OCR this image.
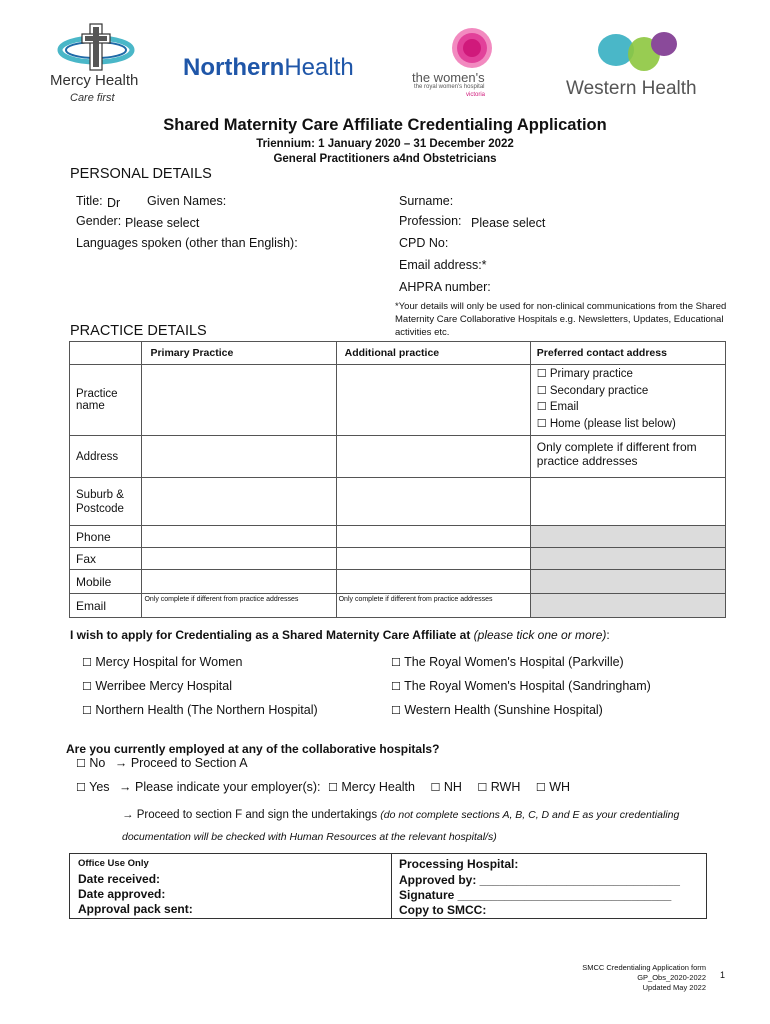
Mercy Health
Care first
NorthernHealth	the women's
the royal women's hospital
victoria	Western Health
Shared Maternity Care Affiliate Credentialing Application
Triennium: 1 January 2020 – 31 December 2022
General Practitioners a4nd Obstetricians
PERSONAL DETAILS
Title: Dr Given Names:	Surname:
Gender: Please select	Profession: Please select
Languages spoken (other than English):	CPD No:
Email address:*
AHPRA number:
*Your details will only be used for non-clinical communications from the Shared Maternity Care Collaborative Hospitals e.g. Newsletters, Updates, Educational activities etc.
PRACTICE DETAILS
	Primary Practice	Additional practice	Preferred contact address

Practice name			☐ Primary practice
☐ Secondary practice
☐ Email
☐ Home (please list below)

Address			Only complete if different from practice addresses

Suburb & Postcode			

Phone			
Fax			
Mobile			
Email	Only complete if different from practice addresses	Only complete if different from practice addresses	
I wish to apply for Credentialing as a Shared Maternity Care Affiliate at (please tick one or more):
☐ Mercy Hospital for Women
☐ Werribee Mercy Hospital
☐ Northern Health (The Northern Hospital)
☐ The Royal Women's Hospital (Parkville)
☐ The Royal Women's Hospital (Sandringham)
☐ Western Health (Sunshine Hospital)
Are you currently employed at any of the collaborative hospitals?
☐ No → Proceed to Section A
☐ Yes → Please indicate your employer(s): ☐ Mercy Health ☐ NH ☐ RWH ☐ WH
→ Proceed to section F and sign the undertakings (do not complete sections A, B, C, D and E as your credentialing documentation will be checked with Human Resources at the relevant hospital/s)
Office Use Only
Date received:
Date approved:
Approval pack sent:
Processing Hospital:
Approved by: ______________________________
Signature ________________________________
Copy to SMCC:
SMCC Credentialing Application form
GP_Obs_2020-2022
Updated May 2022
1
